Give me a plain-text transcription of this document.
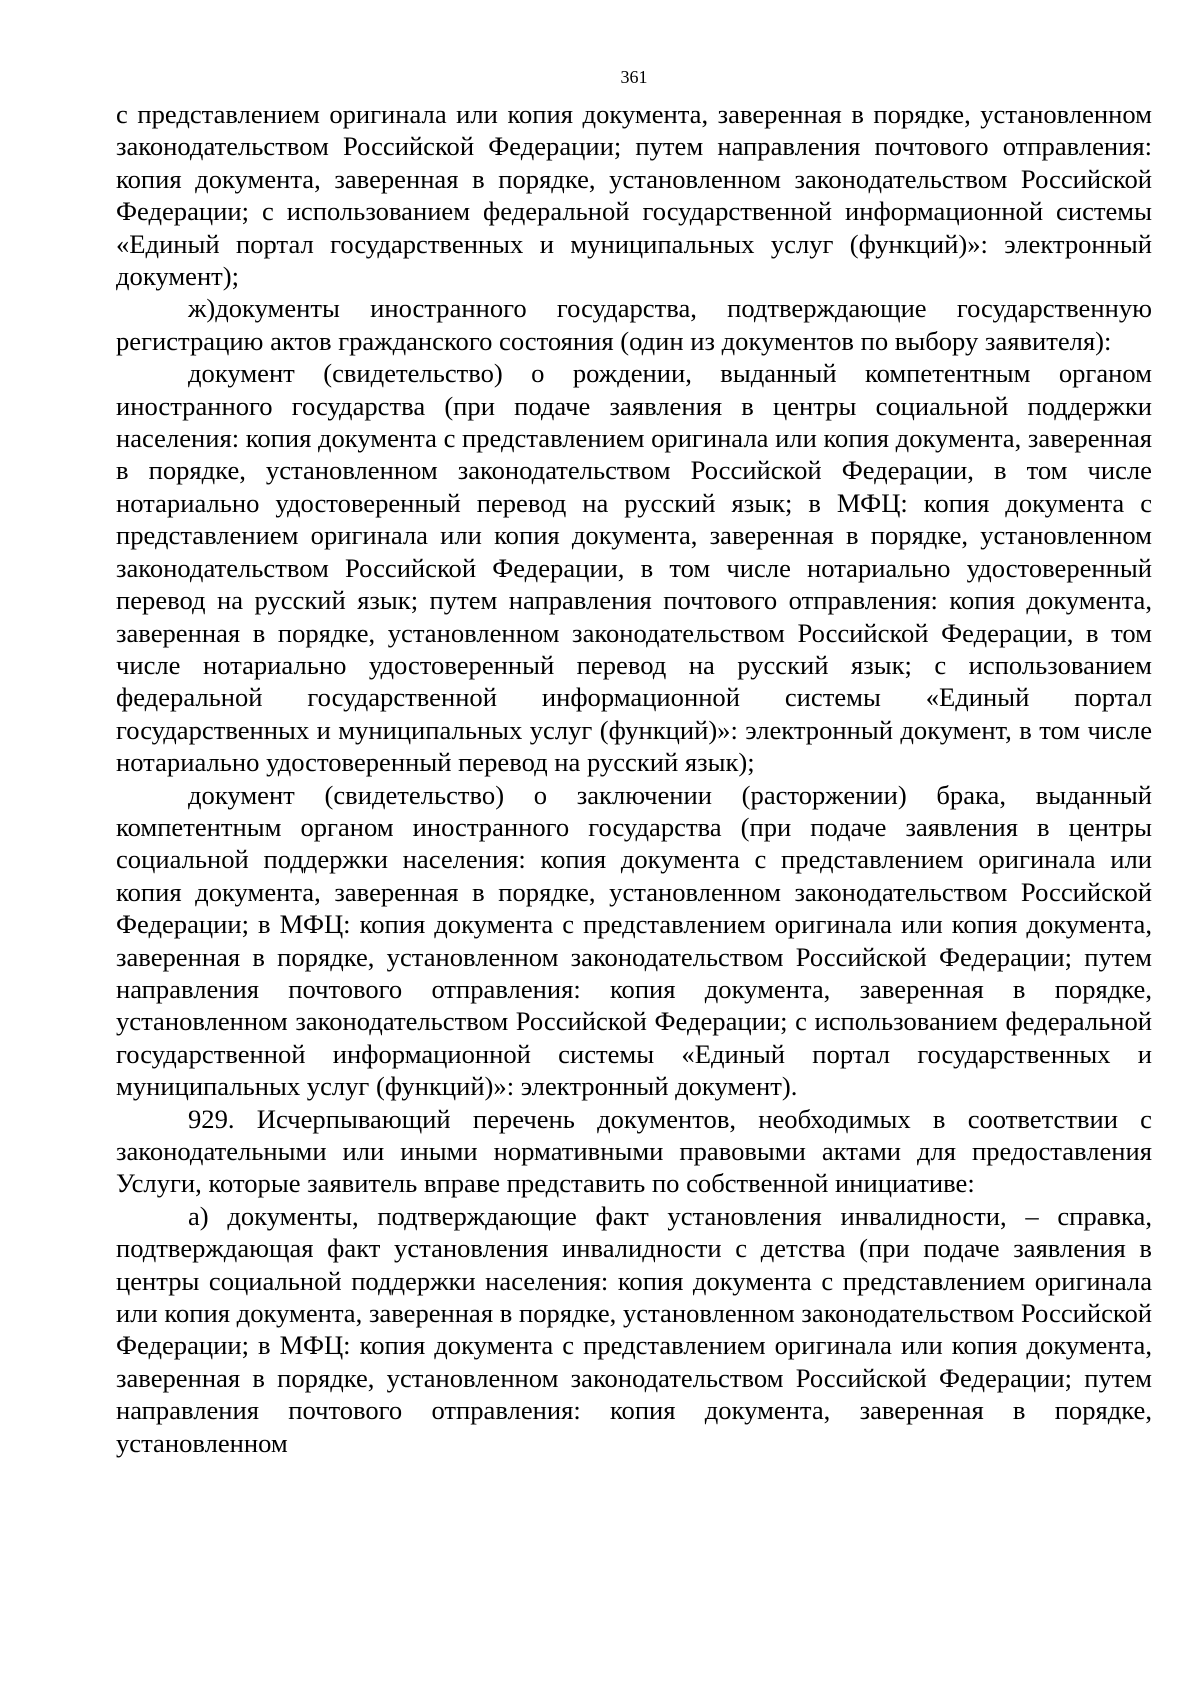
361

с представлением оригинала или копия документа, заверенная в порядке, установленном законодательством Российской Федерации; путем направления почтового отправления: копия документа, заверенная в порядке, установленном законодательством Российской Федерации; с использованием федеральной государственной информационной системы «Единый портал государственных и муниципальных услуг (функций)»: электронный документ);

ж)документы иностранного государства, подтверждающие государственную регистрацию актов гражданского состояния (один из документов по выбору заявителя):

документ (свидетельство) о рождении, выданный компетентным органом иностранного государства (при подаче заявления в центры социальной поддержки населения: копия документа с представлением оригинала или копия документа, заверенная в порядке, установленном законодательством Российской Федерации, в том числе нотариально удостоверенный перевод на русский язык; в МФЦ: копия документа с представлением оригинала или копия документа, заверенная в порядке, установленном законодательством Российской Федерации, в том числе нотариально удостоверенный перевод на русский язык; путем направления почтового отправления: копия документа, заверенная в порядке, установленном законодательством Российской Федерации, в том числе нотариально удостоверенный перевод на русский язык; с использованием федеральной государственной информационной системы «Единый портал государственных и муниципальных услуг (функций)»: электронный документ, в том числе нотариально удостоверенный перевод на русский язык);

документ (свидетельство) о заключении (расторжении) брака, выданный компетентным органом иностранного государства (при подаче заявления в центры социальной поддержки населения: копия документа с представлением оригинала или копия документа, заверенная в порядке, установленном законодательством Российской Федерации; в МФЦ: копия документа с представлением оригинала или копия документа, заверенная в порядке, установленном законодательством Российской Федерации; путем направления почтового отправления: копия документа, заверенная в порядке, установленном законодательством Российской Федерации; с использованием федеральной государственной информационной системы «Единый портал государственных и муниципальных услуг (функций)»: электронный документ).

929. Исчерпывающий перечень документов, необходимых в соответствии с законодательными или иными нормативными правовыми актами для предоставления Услуги, которые заявитель вправе представить по собственной инициативе:

а) документы, подтверждающие факт установления инвалидности, – справка, подтверждающая факт установления инвалидности с детства (при подаче заявления в центры социальной поддержки населения: копия документа с представлением оригинала или копия документа, заверенная в порядке, установленном законодательством Российской Федерации; в МФЦ: копия документа с представлением оригинала или копия документа, заверенная в порядке, установленном законодательством Российской Федерации; путем направления почтового отправления: копия документа, заверенная в порядке, установленном
